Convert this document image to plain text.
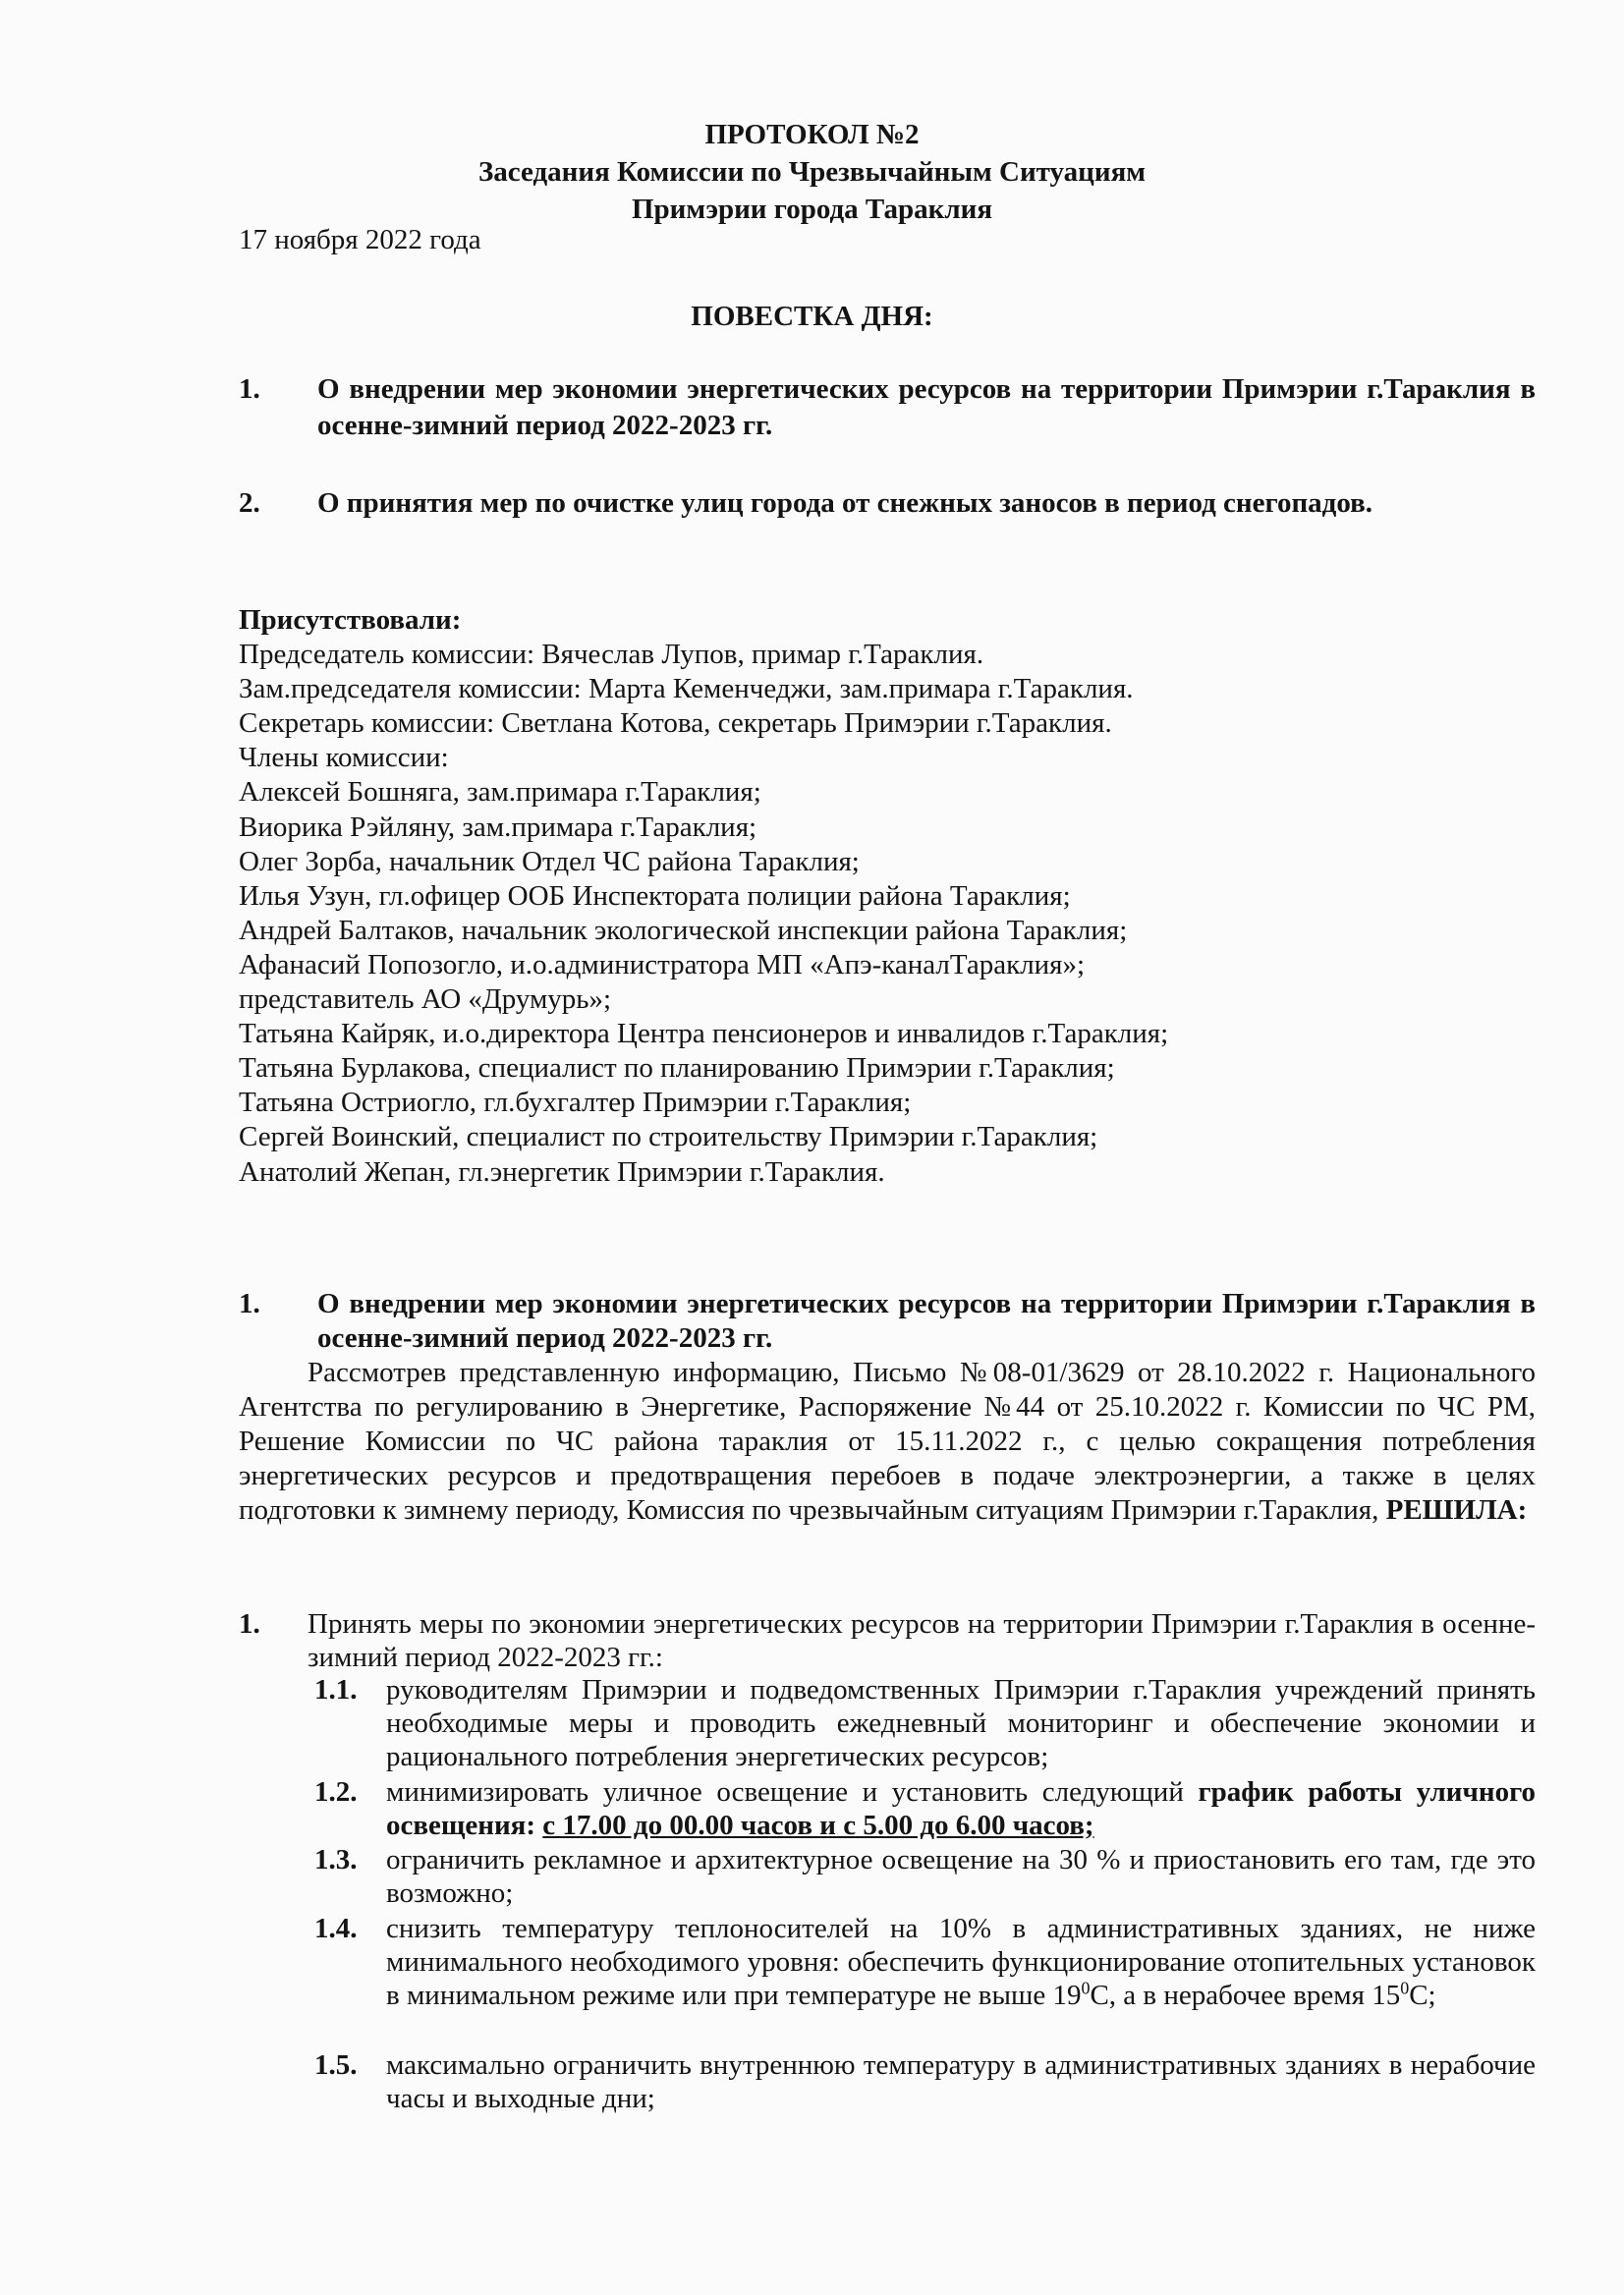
ПРОТОКОЛ №2
Заседания Комиссии по Чрезвычайным Ситуациям
Примэрии города Тараклия
17 ноября 2022 года
ПОВЕСТКА ДНЯ:
1. О внедрении мер экономии энергетических ресурсов на территории Примэрии г.Тараклия в осенне-зимний период 2022-2023 гг.
2. О принятия мер по очистке улиц города от снежных заносов в период снегопадов.
Присутствовали:
Председатель комиссии: Вячеслав Лупов, примар г.Тараклия.
Зам.председателя комиссии: Марта Кеменчеджи, зам.примара г.Тараклия.
Секретарь комиссии: Светлана Котова, секретарь Примэрии г.Тараклия.
Члены комиссии:
Алексей Бошняга, зам.примара г.Тараклия;
Виорика Рэйляну, зам.примара г.Тараклия;
Олег Зорба, начальник Отдел ЧС района Тараклия;
Илья Узун, гл.офицер ООБ Инспектората полиции района Тараклия;
Андрей Балтаков, начальник экологической инспекции района Тараклия;
Афанасий Попозогло, и.о.администратора МП «Апэ-каналТараклия»;
представитель АО «Друмурь»;
Татьяна Кайряк, и.о.директора Центра пенсионеров и инвалидов г.Тараклия;
Татьяна Бурлакова, специалист по планированию Примэрии г.Тараклия;
Татьяна Остриогло, гл.бухгалтер Примэрии г.Тараклия;
Сергей Воинский, специалист по строительству Примэрии г.Тараклия;
Анатолий Жепан, гл.энергетик Примэрии г.Тараклия.
1. О внедрении мер экономии энергетических ресурсов на территории Примэрии г.Тараклия в осенне-зимний период 2022-2023 гг.
Рассмотрев представленную информацию, Письмо №08-01/3629 от 28.10.2022 г. Национального Агентства по регулированию в Энергетике, Распоряжение №44 от 25.10.2022 г. Комиссии по ЧС РМ, Решение Комиссии по ЧС района тараклия от 15.11.2022 г., с целью сокращения потребления энергетических ресурсов и предотвращения перебоев в подаче электроэнергии, а также в целях подготовки к зимнему периоду, Комиссия по чрезвычайным ситуациям Примэрии г.Тараклия, РЕШИЛА:
1. Принять меры по экономии энергетических ресурсов на территории Примэрии г.Тараклия в осенне-зимний период 2022-2023 гг.:
1.1. руководителям Примэрии и подведомственных Примэрии г.Тараклия учреждений принять необходимые меры и проводить ежедневный мониторинг и обеспечение экономии и рационального потребления энергетических ресурсов;
1.2. минимизировать уличное освещение и установить следующий график работы уличного освещения: с 17.00 до 00.00 часов и с 5.00 до 6.00 часов;
1.3. ограничить рекламное и архитектурное освещение на 30 % и приостановить его там, где это возможно;
1.4. снизить температуру теплоносителей на 10% в административных зданиях, не ниже минимального необходимого уровня: обеспечить функционирование отопительных установок в минимальном режиме или при температуре не выше $19^0С$, а в нерабочее время $15^0С$;
1.5. максимально ограничить внутреннюю температуру в административных зданиях в нерабочие часы и выходные дни;
